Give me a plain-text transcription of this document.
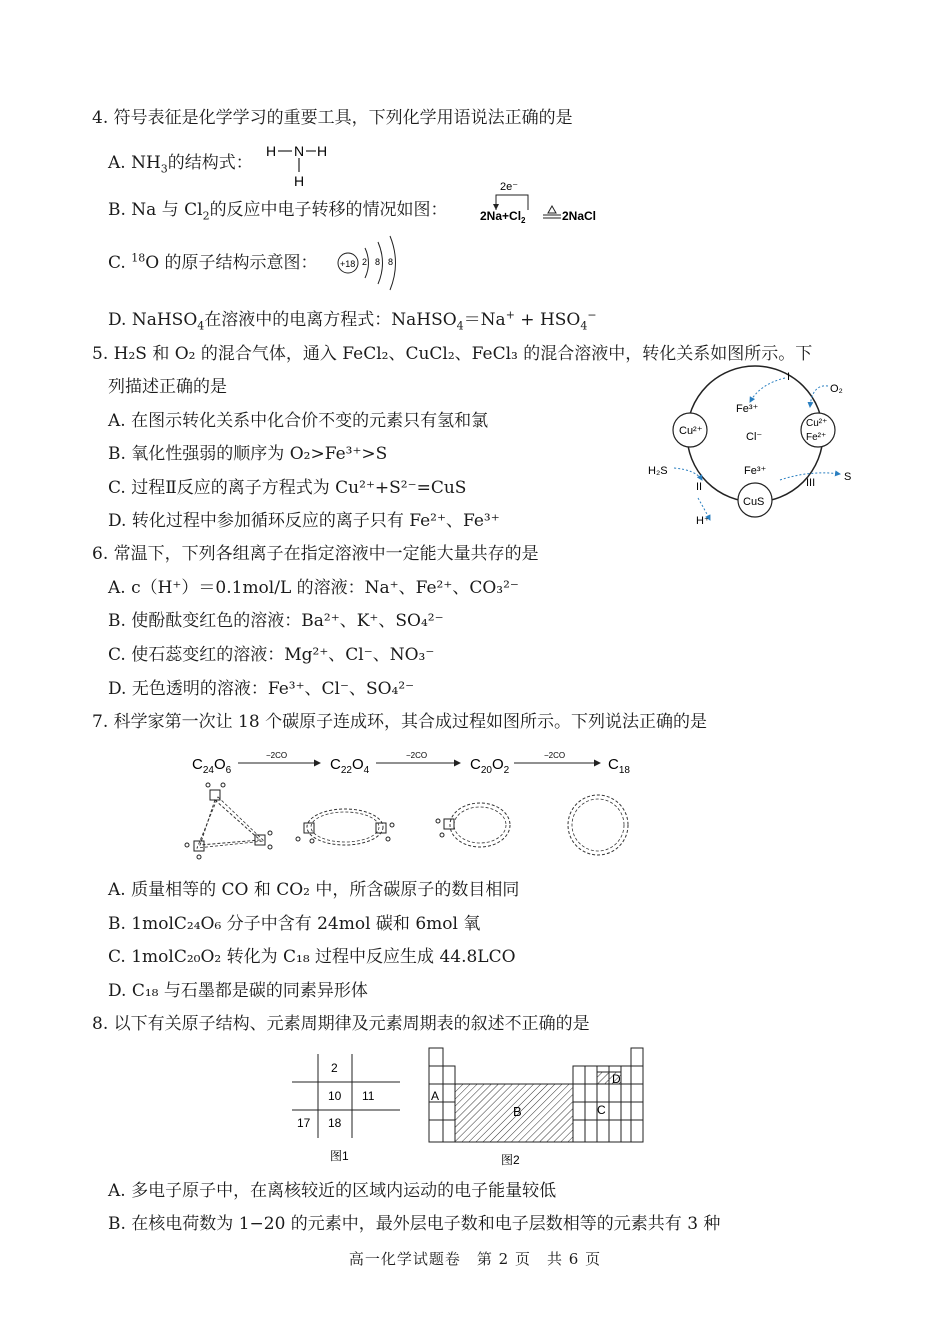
4. 符号表征是化学学习的重要工具，下列化学用语说法正确的是
A. $NH_3$的结构式：
H N H
H
B. Na 与 $Cl_2$的反应中电子转移的情况如图：
2e⁻
$2Na+Cl_2$	2NaCl
C. $^{18}$O 的原子结构示意图： +18 2 8 8
D. NaHSO$_4$在溶液中的电离方程式：NaHSO$_4$＝Na+ + $HSO_4^-$
5. H₂S 和 O₂ 的混合气体，通入 FeCl₂、CuCl₂、FeCl₃ 的混合溶液中，转化关系如图所示。下
列描述正确的是
A. 在图示转化关系中化合价不变的元素只有氢和氯
B. 氧化性强弱的顺序为 O₂>Fe³⁺>S
C. 过程Ⅱ反应的离子方程式为 Cu²⁺+S²⁻=CuS
D. 转化过程中参加循环反应的离子只有 Fe²⁺、Fe³⁺
I
II	III
O₂
Fe³⁺
Cu²⁺	Cl⁻
Cu²⁺
Fe²⁺
H₂S	Fe³⁺	S
CuS
H⁺
6. 常温下，下列各组离子在指定溶液中一定能大量共存的是
A. c（H⁺）＝0.1mol/L 的溶液：Na⁺、Fe²⁺、CO₃²⁻
B. 使酚酞变红色的溶液：Ba²⁺、K⁺、SO₄²⁻
C. 使石蕊变红的溶液：Mg²⁺、Cl⁻、NO₃⁻
D. 无色透明的溶液：Fe³⁺、Cl⁻、SO₄²⁻
7. 科学家第一次让 18 个碳原子连成环，其合成过程如图所示。下列说法正确的是
$C_{24}O_6$
−2CO
$C_{22}O_4$
−2CO
$C_{20}O_2$
−2CO
$C_{18}$
A. 质量相等的 CO 和 CO₂ 中，所含碳原子的数目相同
B. 1molC₂₄O₆ 分子中含有 24mol 碳和 6mol 氧
C. 1molC₂₀O₂ 转化为 C₁₈ 过程中反应生成 44.8LCO
D. C₁₈ 与石墨都是碳的同素异形体
8. 以下有关原子结构、元素周期律及元素周期表的叙述不正确的是
2
10 11
17 18
图1
A
B	C
D
图2
A. 多电子原子中，在离核较近的区域内运动的电子能量较低
B. 在核电荷数为 1−20 的元素中，最外层电子数和电子层数相等的元素共有 3 种
高一化学试题卷　第 2 页　共 6 页
